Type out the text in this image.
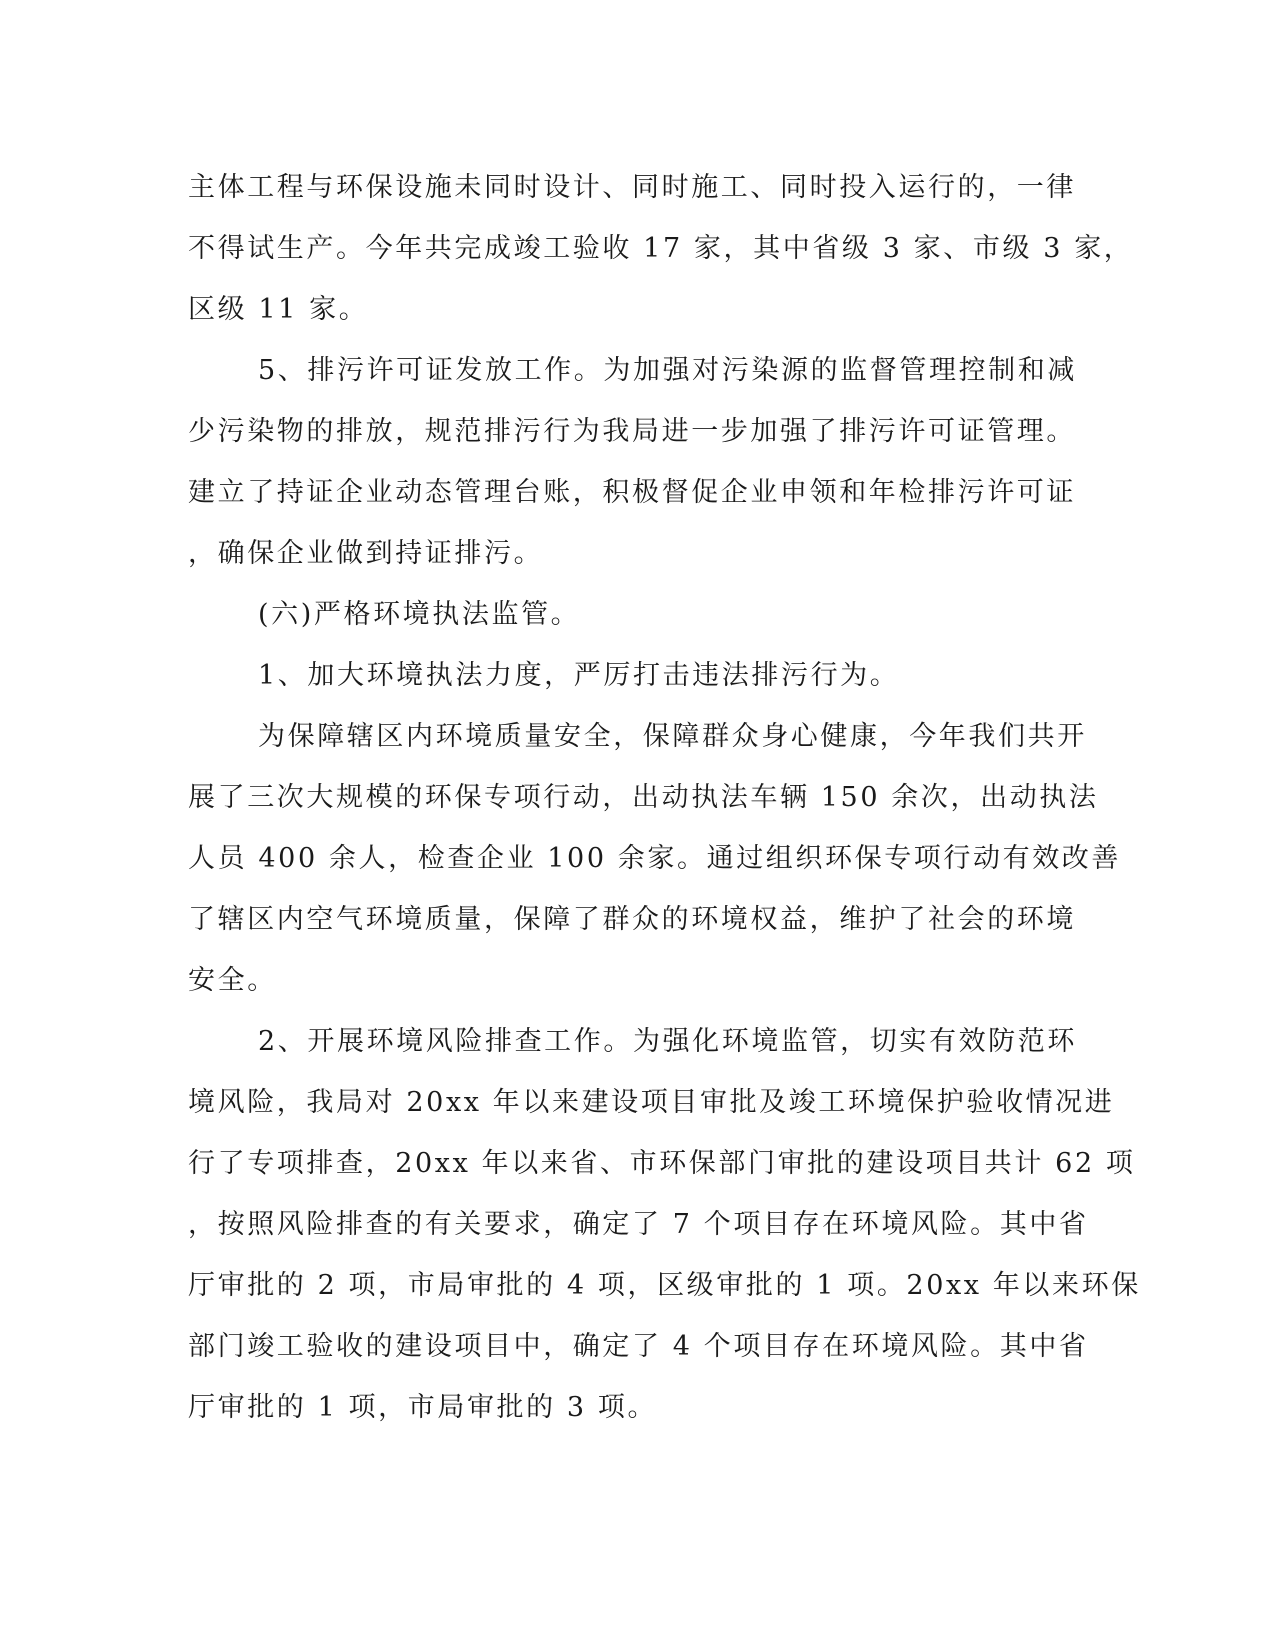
主体工程与环保设施未同时设计、同时施工、同时投入运行的，一律
不得试生产。今年共完成竣工验收 17 家，其中省级 3 家、市级 3 家，
区级 11 家。
5、排污许可证发放工作。为加强对污染源的监督管理控制和减
少污染物的排放，规范排污行为我局进一步加强了排污许可证管理。
建立了持证企业动态管理台账，积极督促企业申领和年检排污许可证
，确保企业做到持证排污。
(六)严格环境执法监管。
1、加大环境执法力度，严厉打击违法排污行为。
为保障辖区内环境质量安全，保障群众身心健康，今年我们共开
展了三次大规模的环保专项行动，出动执法车辆 150 余次，出动执法
人员 400 余人，检查企业 100 余家。通过组织环保专项行动有效改善
了辖区内空气环境质量，保障了群众的环境权益，维护了社会的环境
安全。
2、开展环境风险排查工作。为强化环境监管，切实有效防范环
境风险，我局对 20xx 年以来建设项目审批及竣工环境保护验收情况进
行了专项排查，20xx 年以来省、市环保部门审批的建设项目共计 62 项
，按照风险排查的有关要求，确定了 7 个项目存在环境风险。其中省
厅审批的 2 项，市局审批的 4 项，区级审批的 1 项。20xx 年以来环保
部门竣工验收的建设项目中，确定了 4 个项目存在环境风险。其中省
厅审批的 1 项，市局审批的 3 项。
